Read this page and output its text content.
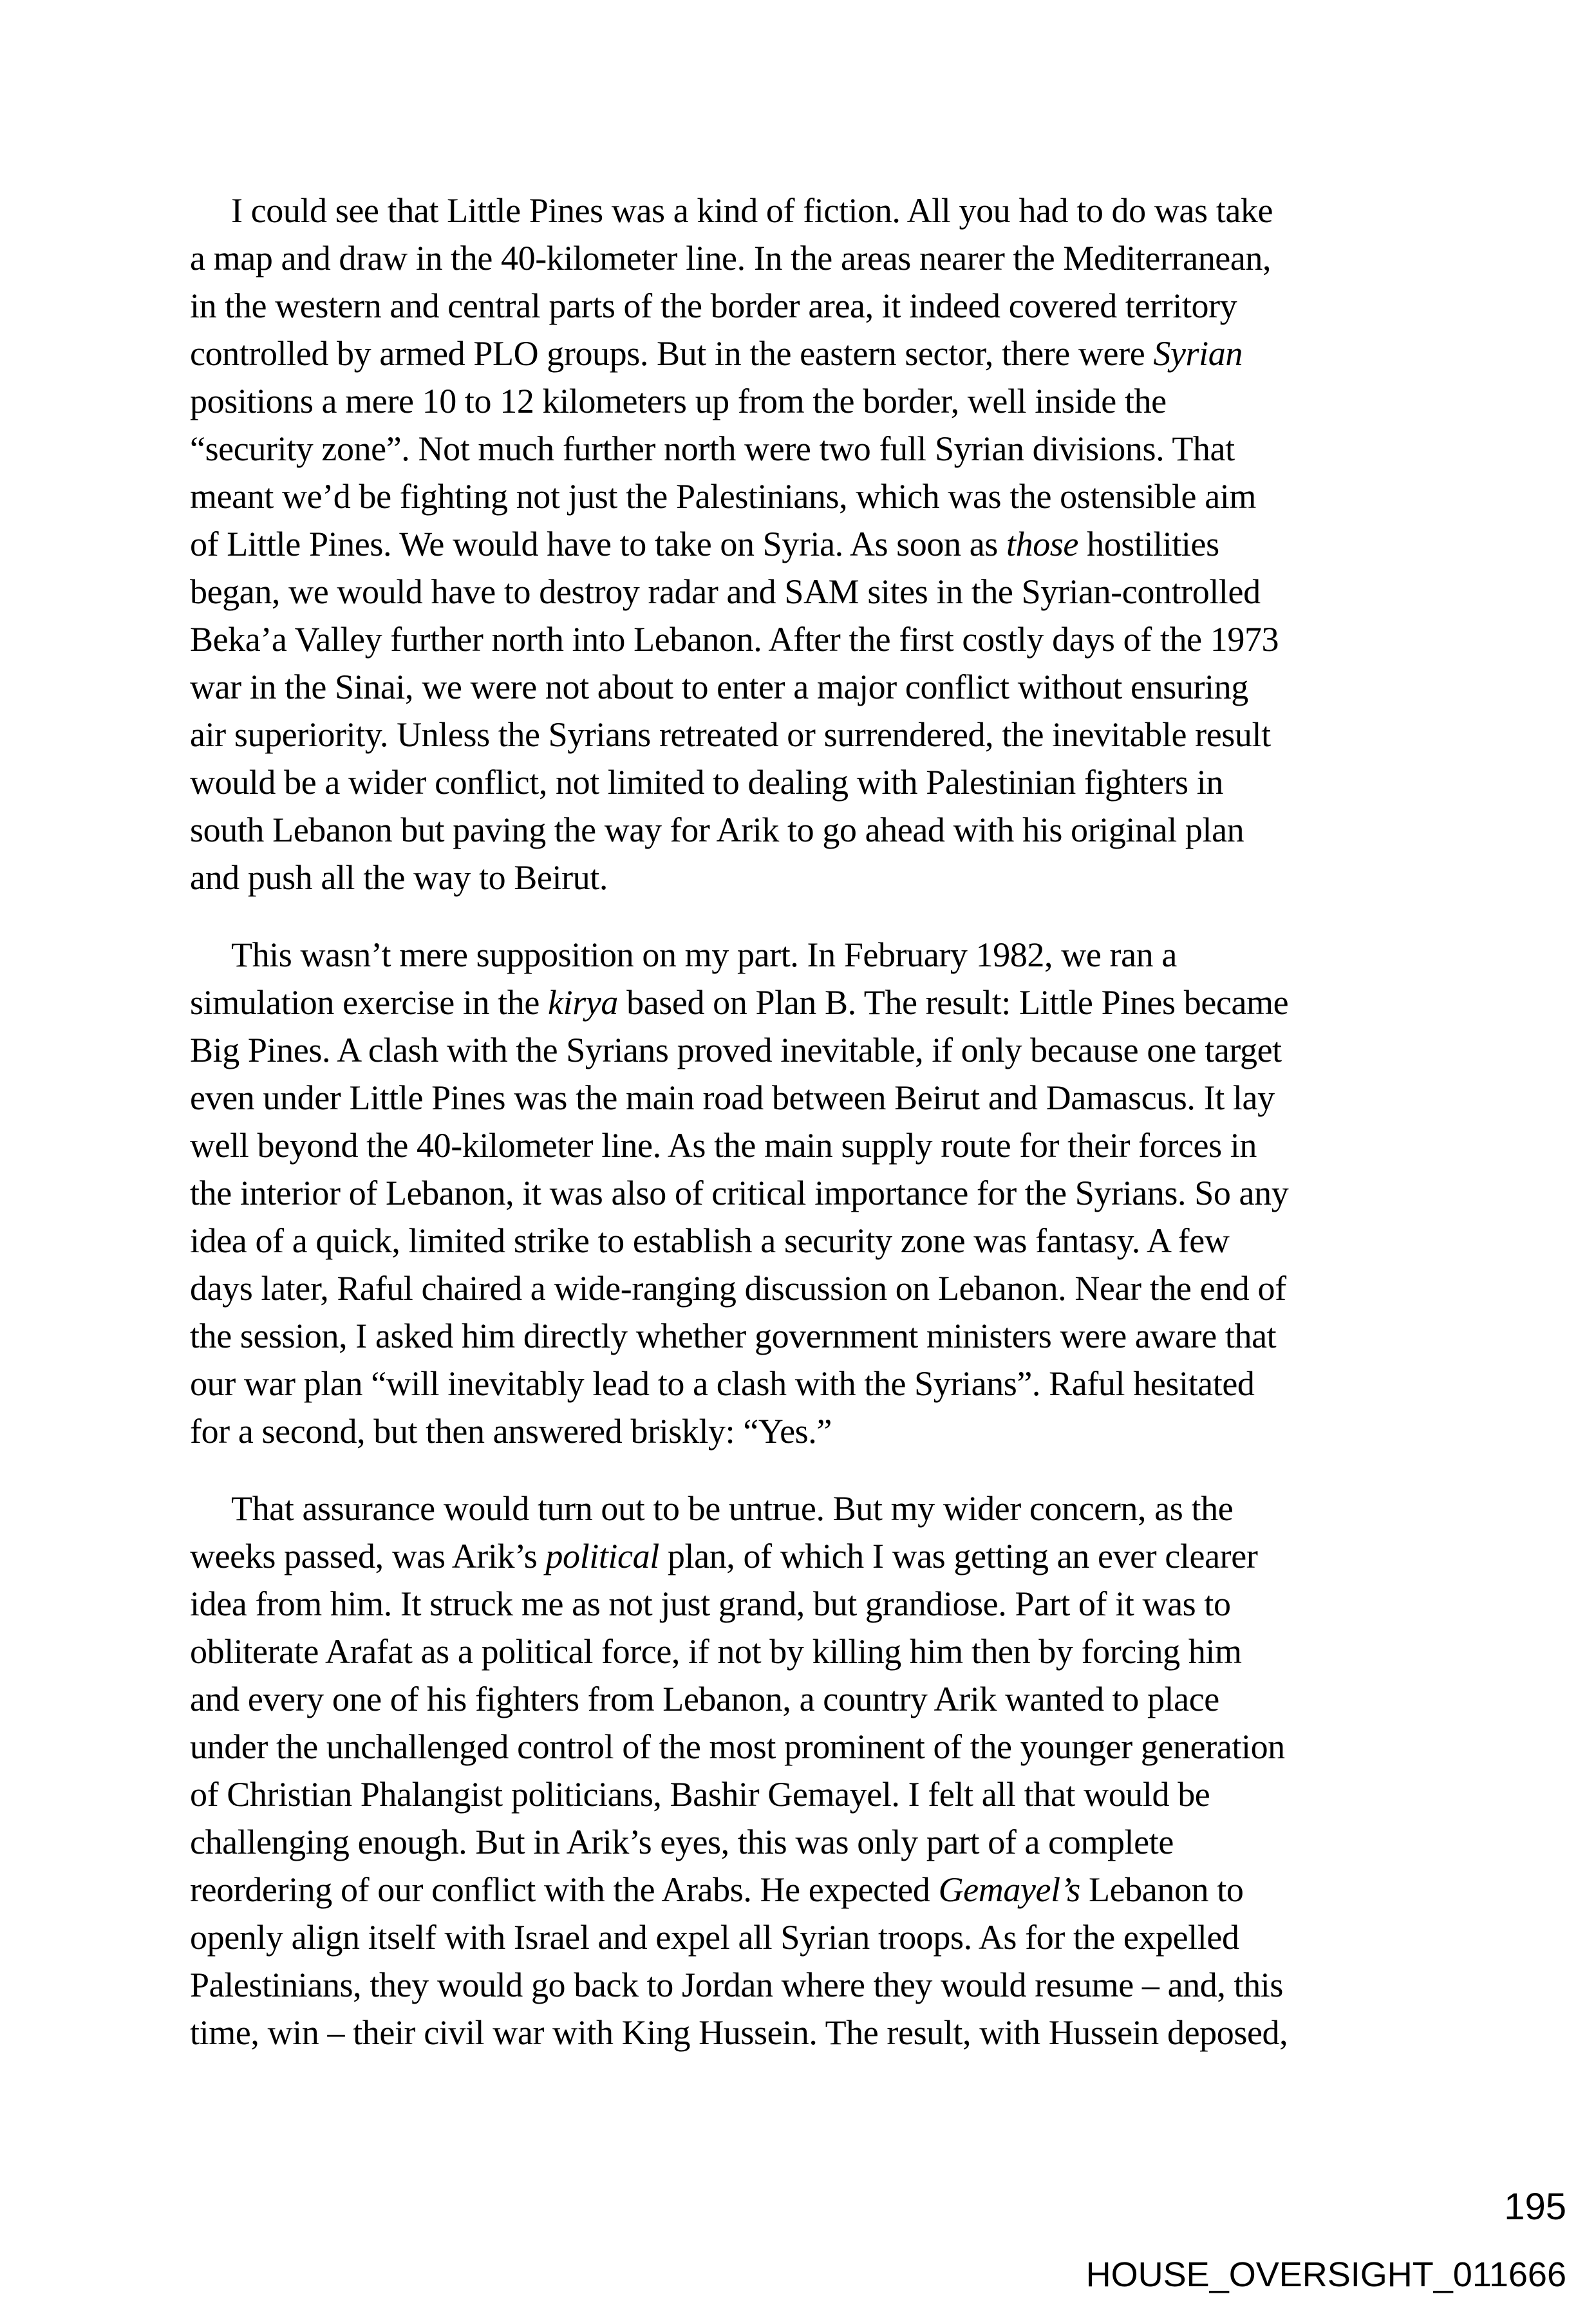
I could see that Little Pines was a kind of fiction. All you had to do was take
a map and draw in the 40-kilometer line. In the areas nearer the Mediterranean,
in the western and central parts of the border area, it indeed covered territory
controlled by armed PLO groups. But in the eastern sector, there were Syrian
positions a mere 10 to 12 kilometers up from the border, well inside the
“security zone”. Not much further north were two full Syrian divisions. That
meant we’d be fighting not just the Palestinians, which was the ostensible aim
of Little Pines. We would have to take on Syria. As soon as those hostilities
began, we would have to destroy radar and SAM sites in the Syrian-controlled
Beka’a Valley further north into Lebanon. After the first costly days of the 1973
war in the Sinai, we were not about to enter a major conflict without ensuring
air superiority. Unless the Syrians retreated or surrendered, the inevitable result
would be a wider conflict, not limited to dealing with Palestinian fighters in
south Lebanon but paving the way for Arik to go ahead with his original plan
and push all the way to Beirut.
This wasn’t mere supposition on my part. In February 1982, we ran a
simulation exercise in the kirya based on Plan B. The result: Little Pines became
Big Pines. A clash with the Syrians proved inevitable, if only because one target
even under Little Pines was the main road between Beirut and Damascus. It lay
well beyond the 40-kilometer line. As the main supply route for their forces in
the interior of Lebanon, it was also of critical importance for the Syrians. So any
idea of a quick, limited strike to establish a security zone was fantasy. A few
days later, Raful chaired a wide-ranging discussion on Lebanon. Near the end of
the session, I asked him directly whether government ministers were aware that
our war plan “will inevitably lead to a clash with the Syrians”. Raful hesitated
for a second, but then answered briskly: “Yes.”
That assurance would turn out to be untrue. But my wider concern, as the
weeks passed, was Arik’s political plan, of which I was getting an ever clearer
idea from him. It struck me as not just grand, but grandiose. Part of it was to
obliterate Arafat as a political force, if not by killing him then by forcing him
and every one of his fighters from Lebanon, a country Arik wanted to place
under the unchallenged control of the most prominent of the younger generation
of Christian Phalangist politicians, Bashir Gemayel. I felt all that would be
challenging enough. But in Arik’s eyes, this was only part of a complete
reordering of our conflict with the Arabs. He expected Gemayel’s Lebanon to
openly align itself with Israel and expel all Syrian troops. As for the expelled
Palestinians, they would go back to Jordan where they would resume – and, this
time, win – their civil war with King Hussein. The result, with Hussein deposed,
195
HOUSE_OVERSIGHT_011666
